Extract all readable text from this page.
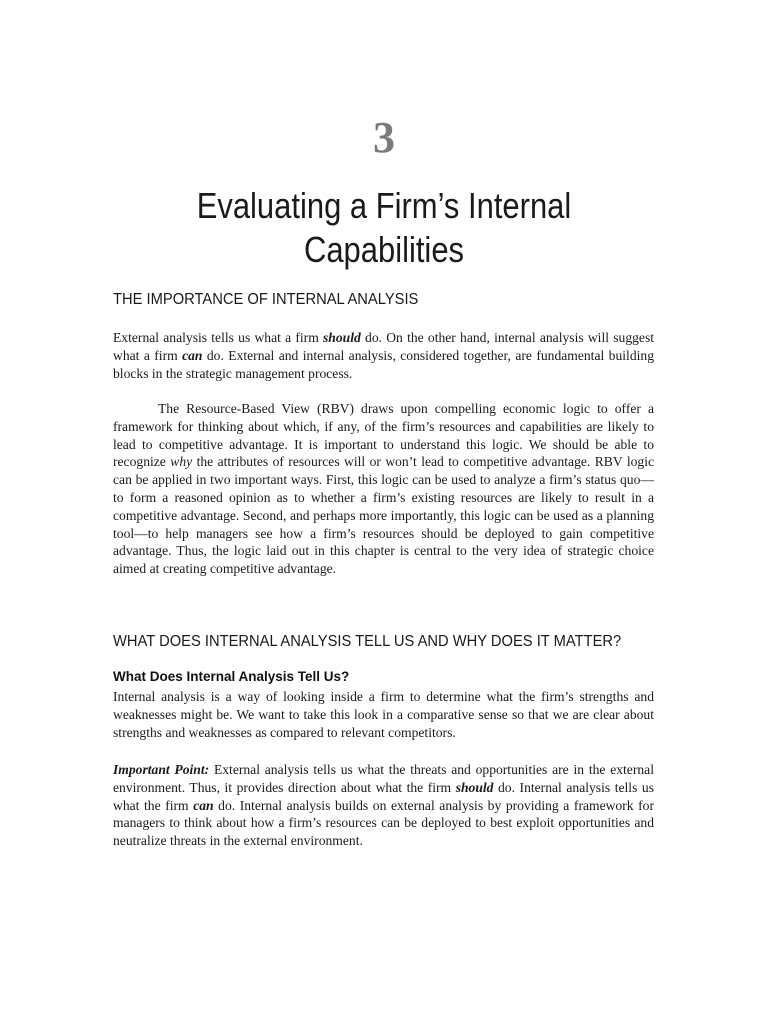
3
Evaluating a Firm’s Internal
Capabilities
THE IMPORTANCE OF INTERNAL ANALYSIS

External analysis tells us what a firm should do. On the other hand, internal analysis will suggest what a firm can do. External and internal analysis, considered together, are fundamental building blocks in the strategic management process.

The Resource-Based View (RBV) draws upon compelling economic logic to offer a framework for thinking about which, if any, of the firm’s resources and capabilities are likely to lead to competitive advantage. It is important to understand this logic. We should be able to recognize why the attributes of resources will or won’t lead to competitive advantage. RBV logic can be applied in two important ways. First, this logic can be used to analyze a firm’s status quo—to form a reasoned opinion as to whether a firm’s existing resources are likely to result in a competitive advantage. Second, and perhaps more importantly, this logic can be used as a planning tool—to help managers see how a firm’s resources should be deployed to gain competitive advantage. Thus, the logic laid out in this chapter is central to the very idea of strategic choice aimed at creating competitive advantage.

WHAT DOES INTERNAL ANALYSIS TELL US AND WHY DOES IT MATTER?
What Does Internal Analysis Tell Us?

Internal analysis is a way of looking inside a firm to determine what the firm’s strengths and weaknesses might be. We want to take this look in a comparative sense so that we are clear about strengths and weaknesses as compared to relevant competitors.

Important Point: External analysis tells us what the threats and opportunities are in the external environment. Thus, it provides direction about what the firm should do. Internal analysis tells us what the firm can do. Internal analysis builds on external analysis by providing a framework for managers to think about how a firm’s resources can be deployed to best exploit opportunities and neutralize threats in the external environment.
